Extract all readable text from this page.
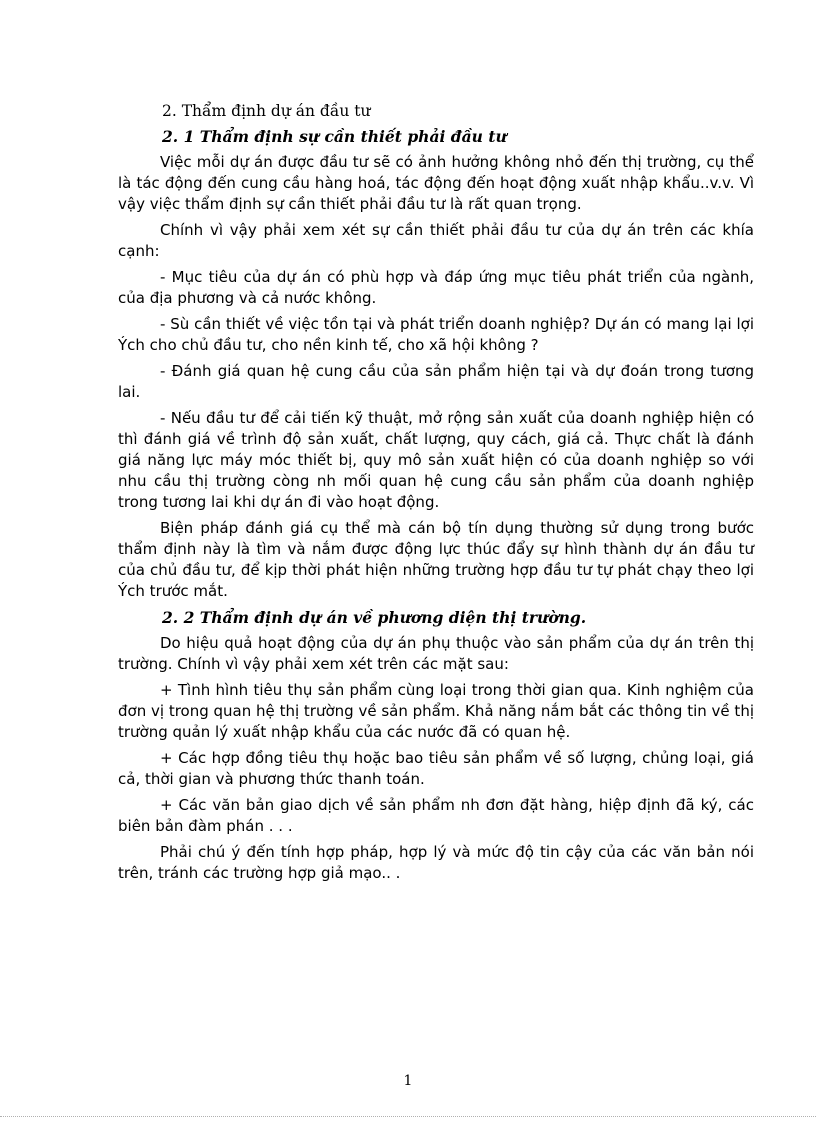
2. Thẩm định dự án đầu tư
2. 1 Thẩm định sự cần thiết phải đầu tư

Việc mỗi dự án được đầu tư sẽ có ảnh hưởng không nhỏ đến thị trường, cụ thể là tác động đến cung cầu hàng hoá, tác động đến hoạt động xuất nhập khẩu..v.v. Vì vậy việc thẩm định sự cần thiết phải đầu tư là rất quan trọng.

Chính vì vậy phải xem xét sự cần thiết phải đầu tư của dự án trên các khía cạnh:

- Mục tiêu của dự án có phù hợp và đáp ứng mục tiêu phát triển của ngành, của địa phương và cả nước không.

- Sù cần thiết về việc tồn tại và phát triển doanh nghiệp? Dự án có mang lại lợi Ých cho chủ đầu tư, cho nền kinh tế, cho xã hội không ?

- Đánh giá quan hệ cung cầu của sản phẩm hiện tại và dự đoán trong tương lai.

- Nếu đầu tư để cải tiến kỹ thuật, mở rộng sản xuất của doanh nghiệp hiện có thì đánh giá về trình độ sản xuất, chất lượng, quy cách, giá cả. Thực chất là đánh giá năng lực máy móc thiết bị, quy mô sản xuất hiện có của doanh nghiệp so với nhu cầu thị trường còng nh mối quan hệ cung cầu sản phẩm của doanh nghiệp trong tương lai khi dự án đi vào hoạt động.

Biện pháp đánh giá cụ thể mà cán bộ tín dụng thường sử dụng trong bước thẩm định này là tìm và nắm được động lực thúc đẩy sự hình thành dự án đầu tư của chủ đầu tư, để kịp thời phát hiện những trường hợp đầu tư tự phát chạy theo lợi Ých trước mắt.

2. 2 Thẩm định dự án về phương diện thị trường.

Do hiệu quả hoạt động của dự án phụ thuộc vào sản phẩm của dự án trên thị trường. Chính vì vậy phải xem xét trên các mặt sau:

+ Tình hình tiêu thụ sản phẩm cùng loại trong thời gian qua. Kinh nghiệm của đơn vị trong quan hệ thị trường về sản phẩm. Khả năng nắm bắt các thông tin về thị trường quản lý xuất nhập khẩu của các nước đã có quan hệ.

+ Các hợp đồng tiêu thụ hoặc bao tiêu sản phẩm về số lượng, chủng loại, giá cả, thời gian và phương thức thanh toán.

+ Các văn bản giao dịch về sản phẩm nh đơn đặt hàng, hiệp định đã ký, các biên bản đàm phán . . .

Phải chú ý đến tính hợp pháp, hợp lý và mức độ tin cậy của các văn bản nói trên, tránh các trường hợp giả mạo.. .

1
